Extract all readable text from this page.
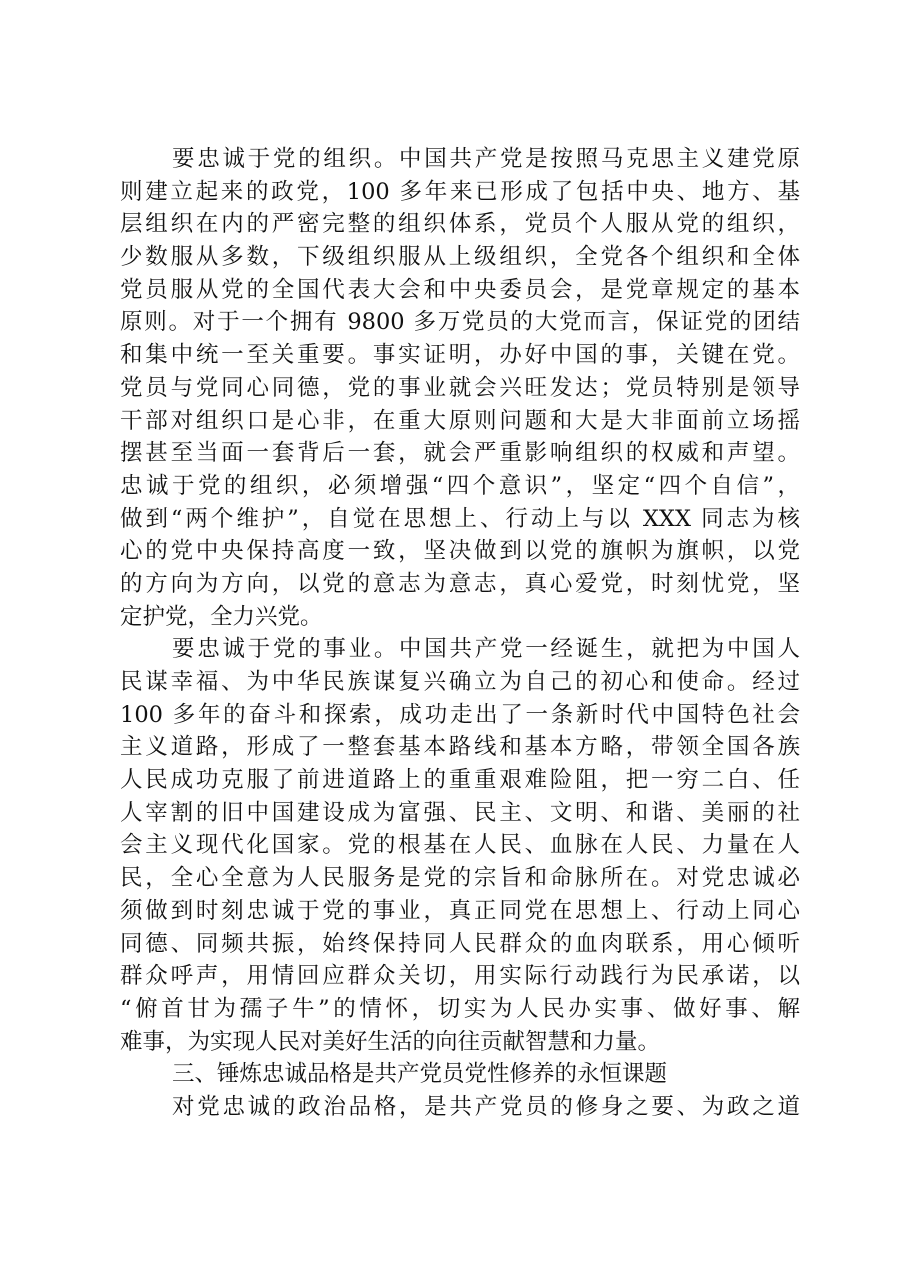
要忠诚于党的组织。中国共产党是按照马克思主义建党原
则建立起来的政党，100 多年来已形成了包括中央、地方、基
层组织在内的严密完整的组织体系，党员个人服从党的组织，
少数服从多数，下级组织服从上级组织，全党各个组织和全体
党员服从党的全国代表大会和中央委员会，是党章规定的基本
原则。对于一个拥有 9800 多万党员的大党而言，保证党的团结
和集中统一至关重要。事实证明，办好中国的事，关键在党。
党员与党同心同德，党的事业就会兴旺发达；党员特别是领导
干部对组织口是心非，在重大原则问题和大是大非面前立场摇
摆甚至当面一套背后一套，就会严重影响组织的权威和声望。
忠诚于党的组织，必须增强“四个意识”，坚定“四个自信”，
做到“两个维护”，自觉在思想上、行动上与以 XXX 同志为核
心的党中央保持高度一致，坚决做到以党的旗帜为旗帜，以党
的方向为方向，以党的意志为意志，真心爱党，时刻忧党，坚
定护党，全力兴党。
要忠诚于党的事业。中国共产党一经诞生，就把为中国人
民谋幸福、为中华民族谋复兴确立为自己的初心和使命。经过
100 多年的奋斗和探索，成功走出了一条新时代中国特色社会
主义道路，形成了一整套基本路线和基本方略，带领全国各族
人民成功克服了前进道路上的重重艰难险阻，把一穷二白、任
人宰割的旧中国建设成为富强、民主、文明、和谐、美丽的社
会主义现代化国家。党的根基在人民、血脉在人民、力量在人
民，全心全意为人民服务是党的宗旨和命脉所在。对党忠诚必
须做到时刻忠诚于党的事业，真正同党在思想上、行动上同心
同德、同频共振，始终保持同人民群众的血肉联系，用心倾听
群众呼声，用情回应群众关切，用实际行动践行为民承诺，以
“俯首甘为孺子牛”的情怀，切实为人民办实事、做好事、解
难事，为实现人民对美好生活的向往贡献智慧和力量。
三、锤炼忠诚品格是共产党员党性修养的永恒课题
对党忠诚的政治品格，是共产党员的修身之要、为政之道
